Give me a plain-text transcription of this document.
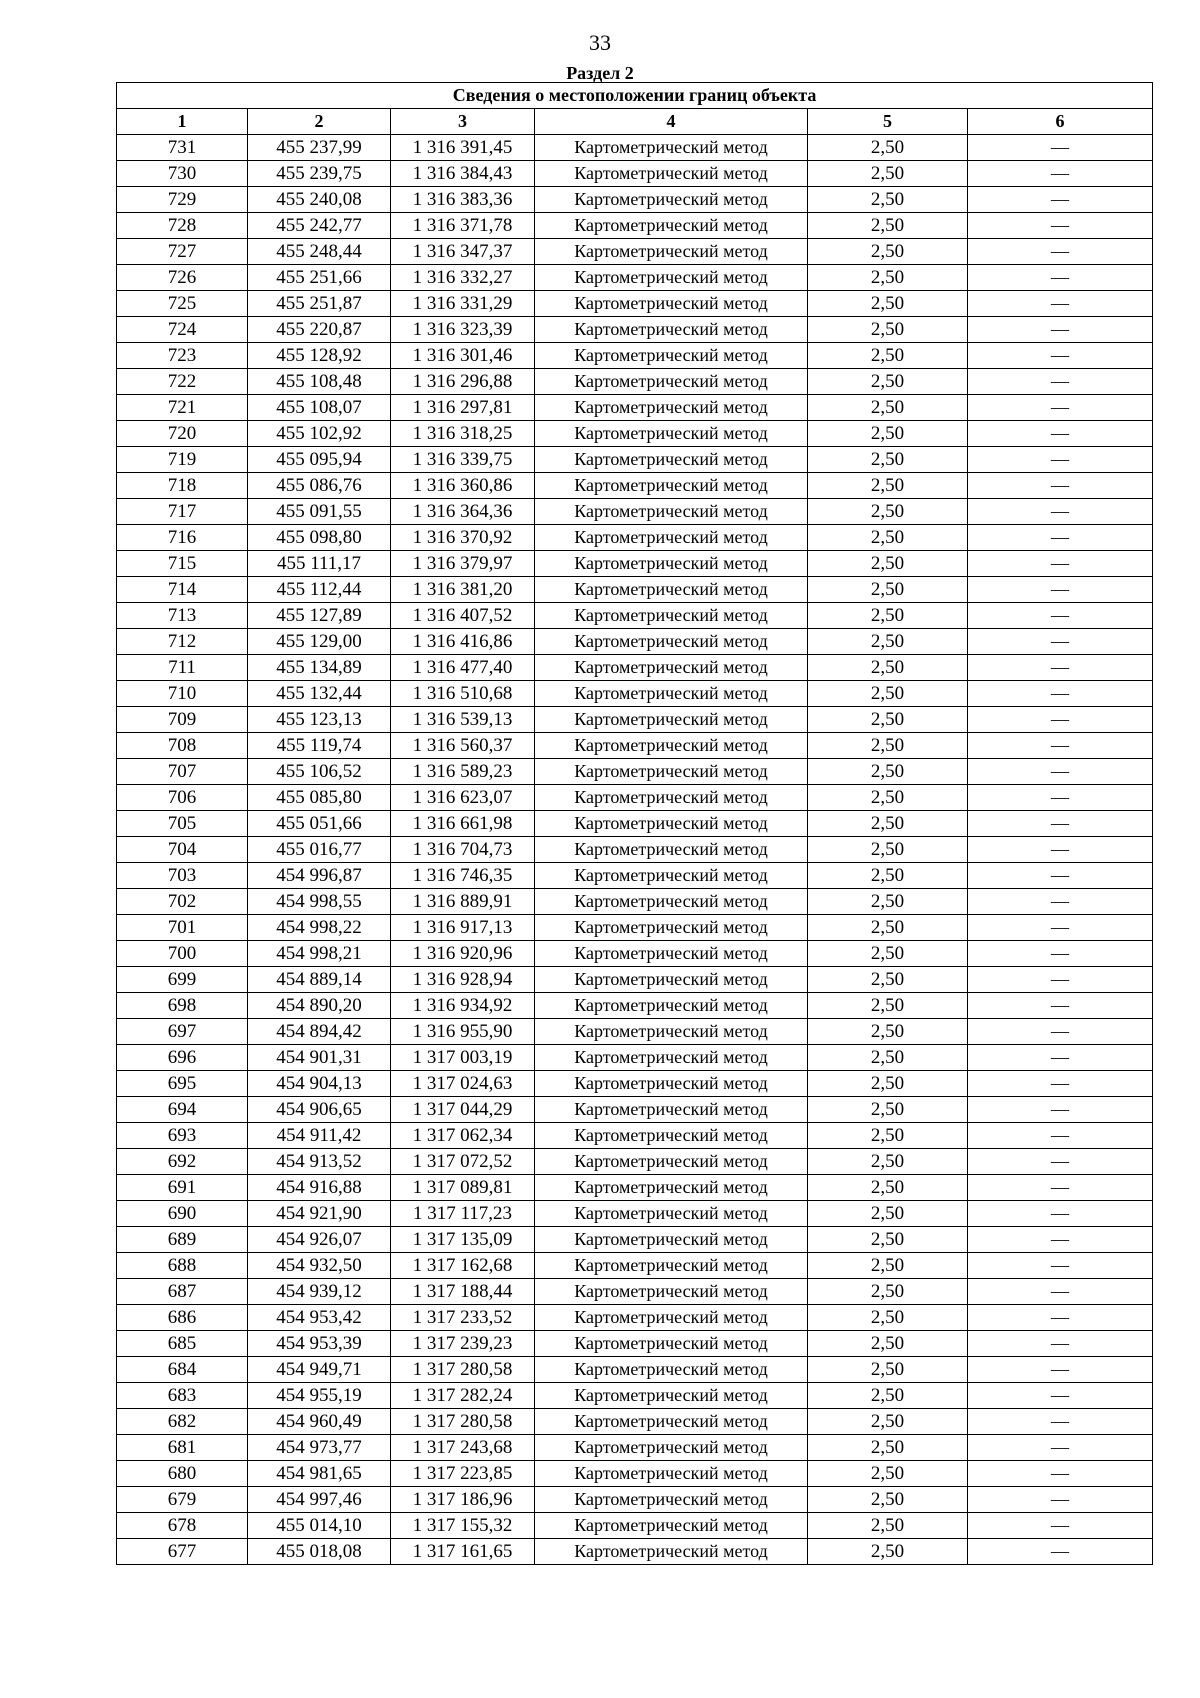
33
Раздел 2
Сведения о местоположении границ объекта					
1	2	3	4	5	6
731	455 237,99	1 316 391,45	Картометрический метод	2,50	—
730	455 239,75	1 316 384,43	Картометрический метод	2,50	—
729	455 240,08	1 316 383,36	Картометрический метод	2,50	—
728	455 242,77	1 316 371,78	Картометрический метод	2,50	—
727	455 248,44	1 316 347,37	Картометрический метод	2,50	—
726	455 251,66	1 316 332,27	Картометрический метод	2,50	—
725	455 251,87	1 316 331,29	Картометрический метод	2,50	—
724	455 220,87	1 316 323,39	Картометрический метод	2,50	—
723	455 128,92	1 316 301,46	Картометрический метод	2,50	—
722	455 108,48	1 316 296,88	Картометрический метод	2,50	—
721	455 108,07	1 316 297,81	Картометрический метод	2,50	—
720	455 102,92	1 316 318,25	Картометрический метод	2,50	—
719	455 095,94	1 316 339,75	Картометрический метод	2,50	—
718	455 086,76	1 316 360,86	Картометрический метод	2,50	—
717	455 091,55	1 316 364,36	Картометрический метод	2,50	—
716	455 098,80	1 316 370,92	Картометрический метод	2,50	—
715	455 111,17	1 316 379,97	Картометрический метод	2,50	—
714	455 112,44	1 316 381,20	Картометрический метод	2,50	—
713	455 127,89	1 316 407,52	Картометрический метод	2,50	—
712	455 129,00	1 316 416,86	Картометрический метод	2,50	—
711	455 134,89	1 316 477,40	Картометрический метод	2,50	—
710	455 132,44	1 316 510,68	Картометрический метод	2,50	—
709	455 123,13	1 316 539,13	Картометрический метод	2,50	—
708	455 119,74	1 316 560,37	Картометрический метод	2,50	—
707	455 106,52	1 316 589,23	Картометрический метод	2,50	—
706	455 085,80	1 316 623,07	Картометрический метод	2,50	—
705	455 051,66	1 316 661,98	Картометрический метод	2,50	—
704	455 016,77	1 316 704,73	Картометрический метод	2,50	—
703	454 996,87	1 316 746,35	Картометрический метод	2,50	—
702	454 998,55	1 316 889,91	Картометрический метод	2,50	—
701	454 998,22	1 316 917,13	Картометрический метод	2,50	—
700	454 998,21	1 316 920,96	Картометрический метод	2,50	—
699	454 889,14	1 316 928,94	Картометрический метод	2,50	—
698	454 890,20	1 316 934,92	Картометрический метод	2,50	—
697	454 894,42	1 316 955,90	Картометрический метод	2,50	—
696	454 901,31	1 317 003,19	Картометрический метод	2,50	—
695	454 904,13	1 317 024,63	Картометрический метод	2,50	—
694	454 906,65	1 317 044,29	Картометрический метод	2,50	—
693	454 911,42	1 317 062,34	Картометрический метод	2,50	—
692	454 913,52	1 317 072,52	Картометрический метод	2,50	—
691	454 916,88	1 317 089,81	Картометрический метод	2,50	—
690	454 921,90	1 317 117,23	Картометрический метод	2,50	—
689	454 926,07	1 317 135,09	Картометрический метод	2,50	—
688	454 932,50	1 317 162,68	Картометрический метод	2,50	—
687	454 939,12	1 317 188,44	Картометрический метод	2,50	—
686	454 953,42	1 317 233,52	Картометрический метод	2,50	—
685	454 953,39	1 317 239,23	Картометрический метод	2,50	—
684	454 949,71	1 317 280,58	Картометрический метод	2,50	—
683	454 955,19	1 317 282,24	Картометрический метод	2,50	—
682	454 960,49	1 317 280,58	Картометрический метод	2,50	—
681	454 973,77	1 317 243,68	Картометрический метод	2,50	—
680	454 981,65	1 317 223,85	Картометрический метод	2,50	—
679	454 997,46	1 317 186,96	Картометрический метод	2,50	—
678	455 014,10	1 317 155,32	Картометрический метод	2,50	—
677	455 018,08	1 317 161,65	Картометрический метод	2,50	—
